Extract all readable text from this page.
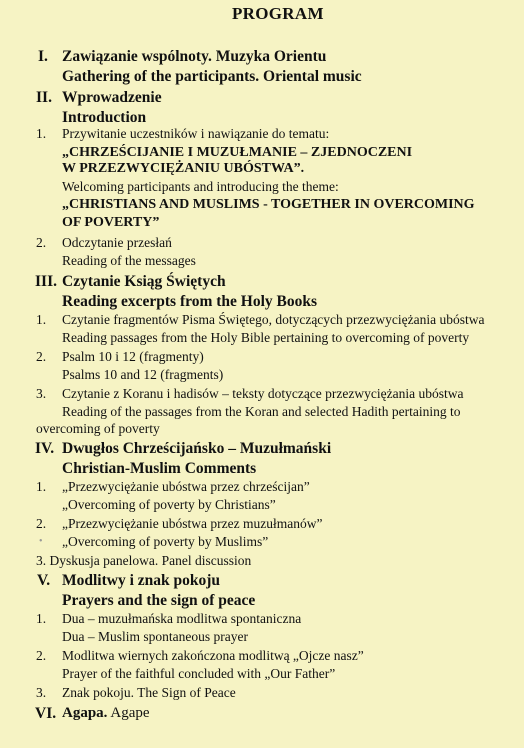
PROGRAM
I. Zawiązanie wspólnoty. Muzyka Orientu
Gathering of the participants. Oriental music
II. Wprowadzenie
Introduction
1. Przywitanie uczestników i nawiązanie do tematu:
„CHRZEŚCIJANIE I MUZUŁMANIE – ZJEDNOCZENI
W PRZEZWYCIĘŻANIU UBÓSTWA”.
Welcoming participants and introducing the theme:
„CHRISTIANS AND MUSLIMS - TOGETHER IN OVERCOMING
OF POVERTY”
2. Odczytanie przesłań
Reading of the messages
III. Czytanie Ksiąg Świętych
Reading excerpts from the Holy Books
1. Czytanie fragmentów Pisma Świętego, dotyczących przezwyciężania ubóstwa
Reading passages from the Holy Bible pertaining to overcoming of poverty
2. Psalm 10 i 12 (fragmenty)
Psalms 10 and 12 (fragments)
3. Czytanie z Koranu i hadisów – teksty dotyczące przezwyciężania ubóstwa
Reading of the passages from the Koran and selected Hadith pertaining to
overcoming of poverty
IV. Dwugłos Chrześcijańsko – Muzułmański
Christian-Muslim Comments
1. „Przezwyciężanie ubóstwa przez chrześcijan”
„Overcoming of poverty by Christians”
2. „Przezwyciężanie ubóstwa przez muzułmanów”
• „Overcoming of poverty by Muslims”
3. Dyskusja panelowa. Panel discussion
V. Modlitwy i znak pokoju
Prayers and the sign of peace
1. Dua – muzułmańska modlitwa spontaniczna
Dua – Muslim spontaneous prayer
2. Modlitwa wiernych zakończona modlitwą „Ojcze nasz”
Prayer of the faithful concluded with „Our Father”
3. Znak pokoju. The Sign of Peace
VI. Agapa. Agape
